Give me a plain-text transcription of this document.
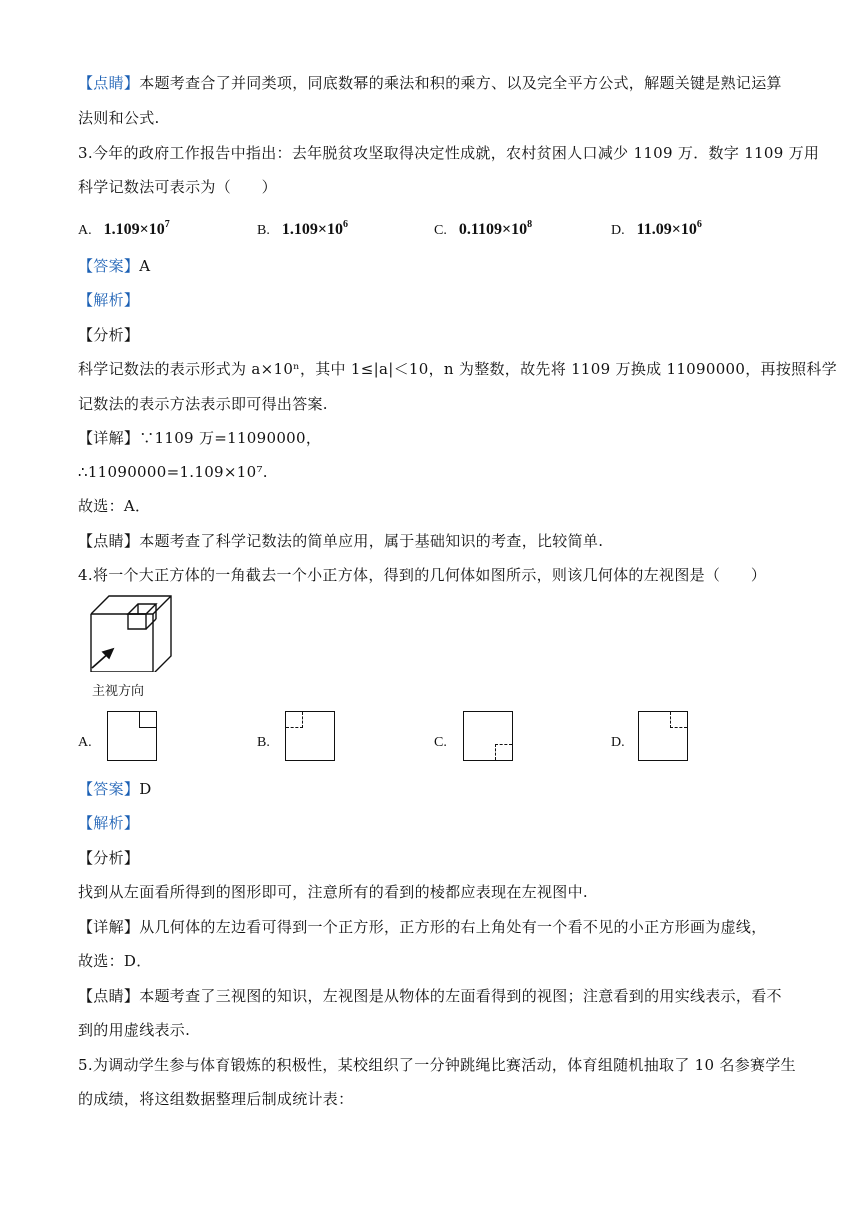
【点睛】本题考查合了并同类项，同底数幂的乘法和积的乘方、以及完全平方公式，解题关键是熟记运算
法则和公式.
3.今年的政府工作报告中指出：去年脱贫攻坚取得决定性成就，农村贫困人口减少 1109 万．数字 1109 万用
科学记数法可表示为（　　）
A. $1.109\times 10^7$	B. $1.109\times 10^6$	C. $0.1109\times 10^8$	D. $11.09\times 10^6$
【答案】A
【解析】
【分析】
科学记数法的表示形式为 a×10ⁿ，其中 1≤|a|＜10，n 为整数，故先将 1109 万换成 11090000，再按照科学
记数法的表示方法表示即可得出答案.
【详解】∵1109 万=11090000，
∴11090000=1.109×10⁷.
故选：A．
【点睛】本题考查了科学记数法的简单应用，属于基础知识的考查，比较简单.
4.将一个大正方体的一角截去一个小正方体，得到的几何体如图所示，则该几何体的左视图是（　　）
主视方向
A.	B.	C.	D.
【答案】D
【解析】
【分析】
找到从左面看所得到的图形即可，注意所有的看到的棱都应表现在左视图中.
【详解】从几何体的左边看可得到一个正方形，正方形的右上角处有一个看不见的小正方形画为虚线，
故选：D．
【点睛】本题考查了三视图的知识，左视图是从物体的左面看得到的视图；注意看到的用实线表示，看不
到的用虚线表示.
5.为调动学生参与体育锻炼的积极性，某校组织了一分钟跳绳比赛活动，体育组随机抽取了 10 名参赛学生
的成绩，将这组数据整理后制成统计表：
